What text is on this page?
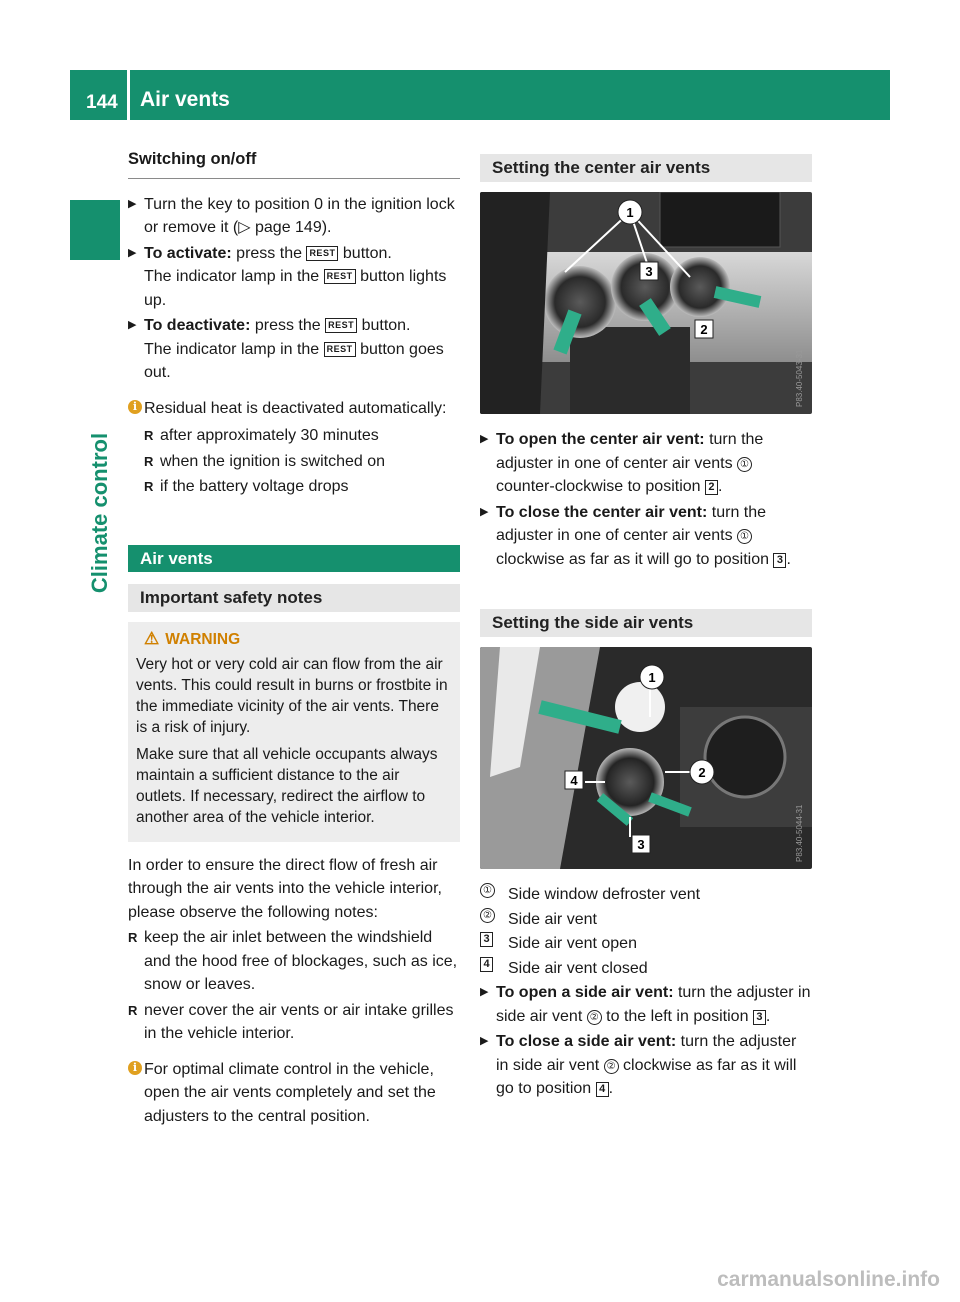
144 Air vents
Climate control
Switching on/off
▶ Turn the key to position 0 in the ignition lock or remove it (▷ page 149).
▶ To activate: press the REST button.
The indicator lamp in the REST button lights up.
▶ To deactivate: press the REST button.
The indicator lamp in the REST button goes out.
i Residual heat is deactivated automatically:
R after approximately 30 minutes
R when the ignition is switched on
R if the battery voltage drops
Air vents
Important safety notes
⚠ WARNING

Very hot or very cold air can flow from the air vents. This could result in burns or frostbite in the immediate vicinity of the air vents. There is a risk of injury.

Make sure that all vehicle occupants always maintain a sufficient distance to the air outlets. If necessary, redirect the airflow to another area of the vehicle interior.

In order to ensure the direct flow of fresh air through the air vents into the vehicle interior, please observe the following notes:
R keep the air inlet between the windshield and the hood free of blockages, such as ice, snow or leaves.
R never cover the air vents or air intake grilles in the vehicle interior.
i For optimal climate control in the vehicle, open the air vents completely and set the adjusters to the central position.
Setting the center air vents
1
3
2
P83.40-5043-31
▶ To open the center air vent: turn the adjuster in one of center air vents ① counter-clockwise to position 2 .
▶ To close the center air vent: turn the adjuster in one of center air vents ① clockwise as far as it will go to position 3 .
Setting the side air vents
1
2
3
4
P83.40-5044-31
① Side window defroster vent
② Side air vent
3 Side air vent open
4 Side air vent closed
▶ To open a side air vent: turn the adjuster in side air vent ② to the left in position 3 .
▶ To close a side air vent: turn the adjuster in side air vent ② clockwise as far as it will go to position 4 .
carmanualsonline.info
